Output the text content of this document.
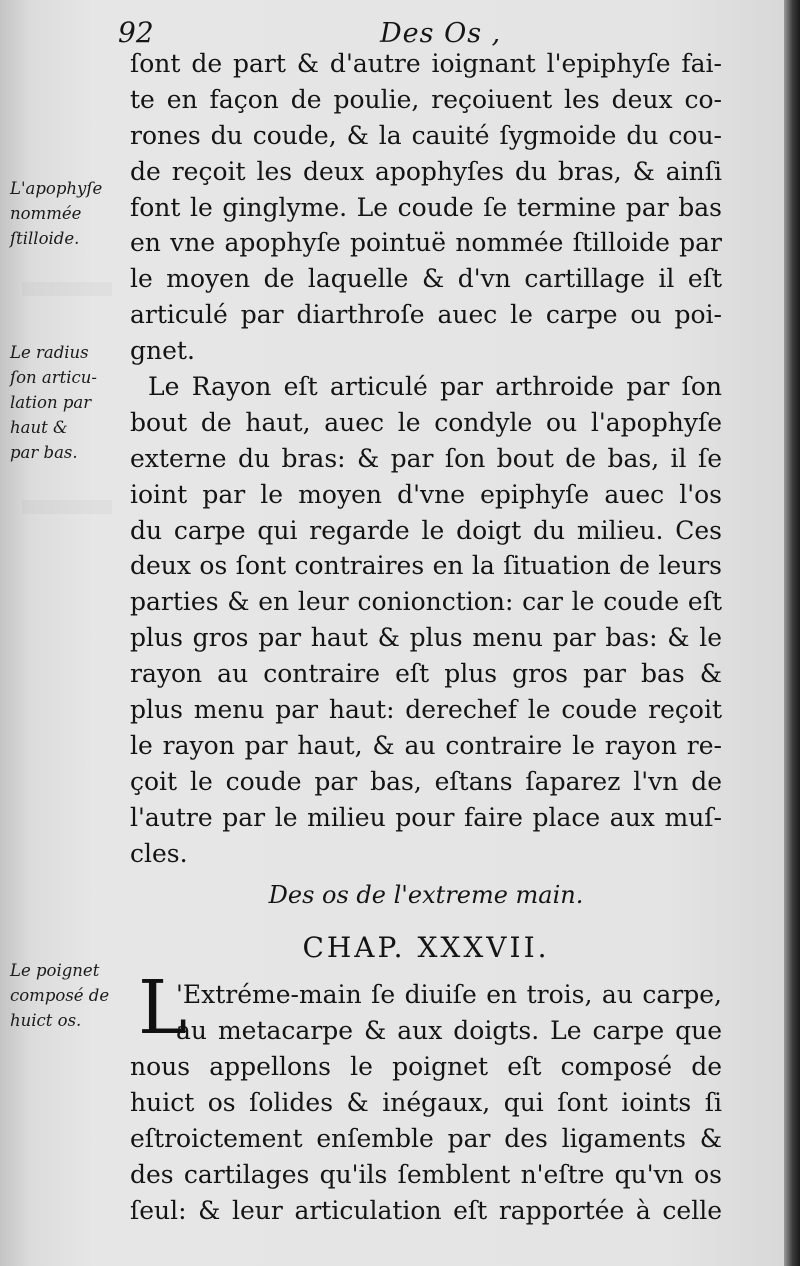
92	Des Os ,
L'apophyſe
nommée
ſtilloide.
Le radius
ſon articu-
lation par
haut &
par bas.
Le poignet
composé de
huict os.
ſont de part & d'autre ioignant l'epiphyſe fai-
te en façon de poulie, reçoiuent les deux co-
rones du coude, & la cauité ſygmoide du cou-
de reçoit les deux apophyſes du bras, & ainſi
font le ginglyme. Le coude ſe termine par bas
en vne apophyſe pointuë nommée ſtilloide par
le moyen de laquelle & d'vn cartillage il eſt
articulé par diarthroſe auec le carpe ou poi-
gnet.
Le Rayon eſt articulé par arthroide par ſon
bout de haut, auec le condyle ou l'apophyſe
externe du bras: & par ſon bout de bas, il ſe
ioint par le moyen d'vne epiphyſe auec l'os
du carpe qui regarde le doigt du milieu. Ces
deux os ſont contraires en la ſituation de leurs
parties & en leur conionction: car le coude eſt
plus gros par haut & plus menu par bas: & le
rayon au contraire eſt plus gros par bas &
plus menu par haut: derechef le coude reçoit
le rayon par haut, & au contraire le rayon re-
çoit le coude par bas, eſtans ſaparez l'vn de
l'autre par le milieu pour faire place aux muſ-
cles.
Des os de l'extreme main.
CHAP. XXXVII.
L
'Extréme-main ſe diuiſe en trois, au carpe,
au metacarpe & aux doigts. Le carpe que
nous appellons le poignet eſt composé de
huict os ſolides & inégaux, qui ſont ioints ſi
eſtroictement enſemble par des ligaments &
des cartilages qu'ils ſemblent n'eſtre qu'vn os
ſeul: & leur articulation eſt rapportée à celle
